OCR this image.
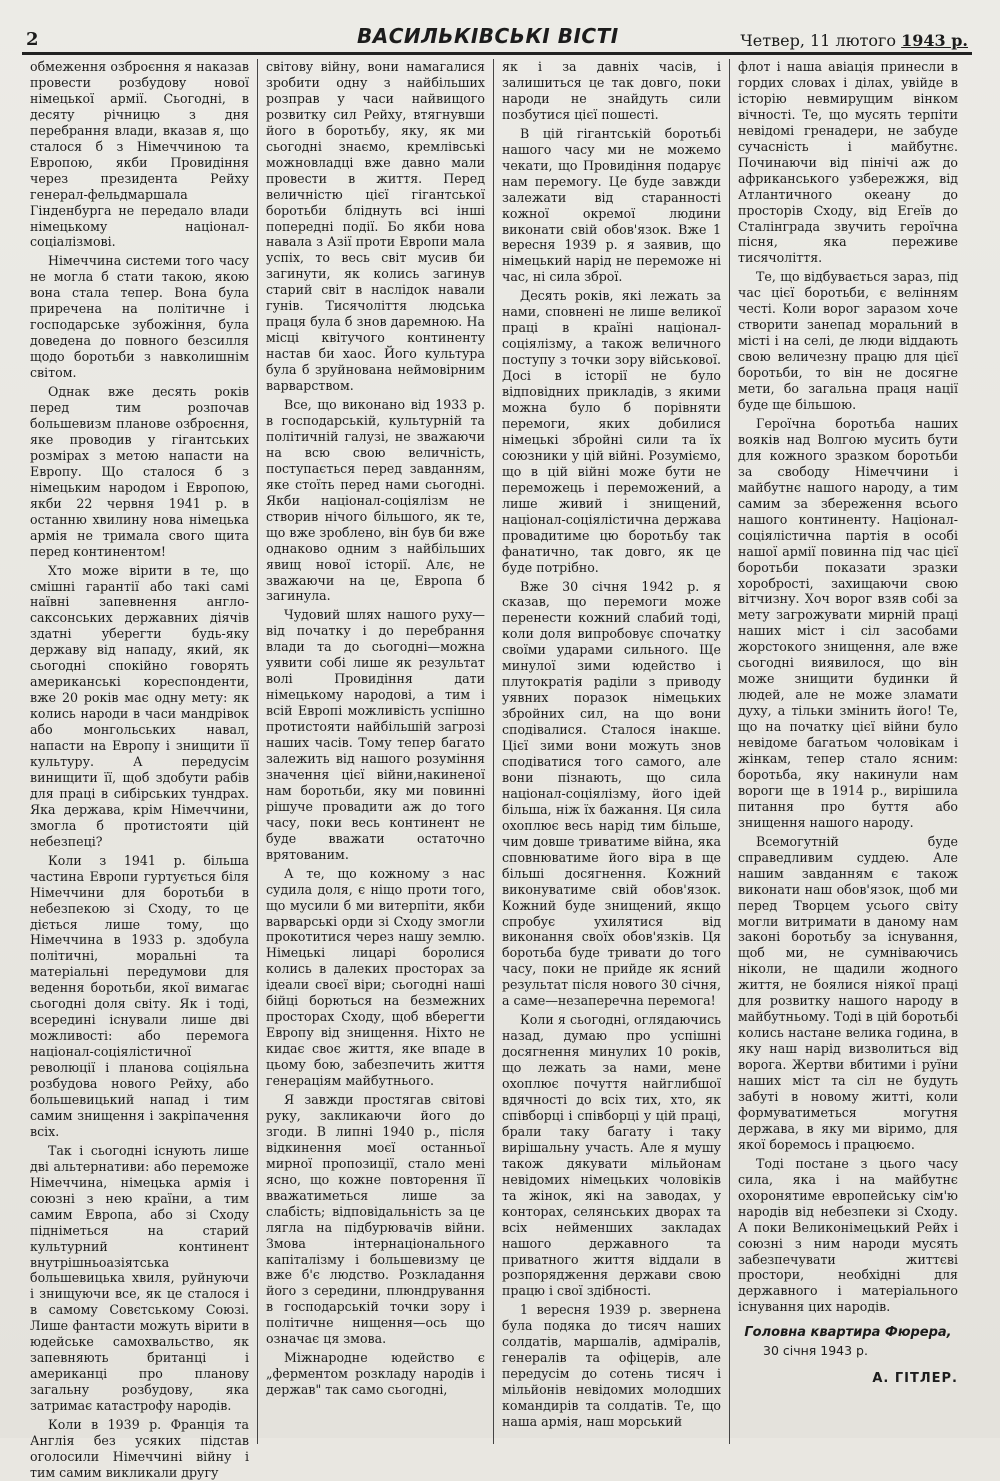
2	ВАСИЛЬКІВСЬКІ ВІСТІ	Четвер, 11 лютого 1943 р.

обмеження озброєння я наказав провести розбудову нової німецької армії. Сьогодні, в десяту річницю з дня перебрання влади, вказав я, що сталося б з Німеччиною та Европою, якби Провидіння через президента Рейху генерал-фельдмаршала Гінденбурга не передало влади німецькому націонал-соціалізмові.

Німеччина системи того часу не могла б стати такою, якою вона стала тепер. Вона була приречена на політичне і господарське зубожіння, була доведена до повного безсилля щодо боротьби з навколишнім світом.

Однак вже десять років перед тим розпочав большевизм планове озброєння, яке проводив у гігантських розмірах з метою напасти на Европу. Що сталося б з німецьким народом і Европою, якби 22 червня 1941 р. в останню хвилину нова німецька армія не тримала свого щита перед континентом!

Хто може вірити в те, що смішні гарантії або такі самі наївні запевнення англо-саксонських державних діячів здатні уберегти будь-яку державу від нападу, який, як сьогодні спокійно говорять американські кореспонденти, вже 20 років має одну мету: як колись народи в часи мандрівок або монгольських навал, напасти на Европу і знищити її культуру. А передусім винищити її, щоб здобути рабів для праці в сибірських тундрах. Яка держава, крім Німеччини, змогла б протистояти цій небезпеці?

Коли з 1941 р. більша частина Европи гуртується біля Німеччини для боротьби в небезпекою зі Сходу, то це діється лише тому, що Німеччина в 1933 р. здобула політичні, моральні та матеріальні передумови для ведення боротьби, якої вимагає сьогодні доля світу. Як і тоді, всередині існували лише дві можливості: або перемога націонал-соціялістичної революції і планова соціяльна розбудова нового Рейху, або большевицький напад і тим самим знищення і закріпачення всіх.

Так і сьогодні існують лише дві альтернативи: або переможе Німеччина, німецька армія і союзні з нею країни, а тим самим Европа, або зі Сходу підніметься на старий культурний континент внутрішньоазіятська большевицька хвиля, руйнуючи і знищуючи все, як це сталося і в самому Совєтському Союзі. Лише фантасти можуть вірити в юдейське самохвальство, як запевняють британці і американці про планову загальну розбудову, яка затримає катастрофу народів.

Коли в 1939 р. Франція та Англія без усяких підстав оголосили Німеччині війну і тим самим викликали другу

світову війну, вони намагалися зробити одну з найбільших розправ у часи найвищого розвитку сил Рейху, втягнувши його в боротьбу, яку, як ми сьогодні знаємо, кремлівські можновладці вже давно мали провести в життя. Перед величністю цієї гігантської боротьби бліднуть всі інші попередні події. Бо якби нова навала з Азії проти Европи мала успіх, то весь світ мусив би загинути, як колись загинув старий світ в наслідок навали гунів. Тисячоліття людська праця була б знов даремною. На місці квітучого континенту настав би хаос. Його культура була б зруйнована неймовірним варварством.

Все, що виконано від 1933 р. в господарській, культурній та політичній галузі, не зважаючи на всю свою величність, поступається перед завданням, яке стоїть перед нами сьогодні. Якби націонал-соціялізм не створив нічого більшого, як те, що вже зроблено, він був би вже однаково одним з найбільших явищ нової історії. Алє, не зважаючи на це, Европа б загинула.

Чудовий шлях нашого руху—від початку і до перебрання влади та до сьогодні—можна уявити собі лише як результат волі Провидіння дати німецькому народові, а тим і всій Европі можливість успішно протистояти найбільшій загрозі наших часів. Тому тепер багато залежить від нашого розуміння значення цієї війни,накиненої нам боротьби, яку ми повинні рішуче провадити аж до того часу, поки весь континент не буде вважати остаточно врятованим.

А те, що кожному з нас судила доля, є ніщо проти того, що мусили б ми витерпіти, якби варварські орди зі Сходу змогли прокотитися через нашу землю. Німецькі лицарі боролися колись в далеких просторах за ідеали своєї віри; сьогодні наші бійці борються на безмежних просторах Сходу, щоб вберегти Европу від знищення. Ніхто не кидає своє життя, яке впаде в цьому бою, забезпечить життя генераціям майбутнього.

Я завжди простягав світові руку, закликаючи його до згоди. В липні 1940 р., після відкинення моєї останньої мирної пропозиції, стало мені ясно, що кожне повторення її вважатиметься лише за слабість; відповідальність за це лягла на підбурювачів війни. Змова інтернаціонального капіталізму і большевизму це вже б'є людство. Розкладання його з середини, плюндрування в господарській точки зору і політичне нищення—ось що означає ця змова.

Міжнародне юдейство є „ферментом розкладу народів і держав" так само сьогодні,

як і за давніх часів, і залишиться це так довго, поки народи не знайдуть сили позбутися цієї пошесті.

В цій гігантській боротьбі нашого часу ми не можемо чекати, що Провидіння подарує нам перемогу. Це буде завжди залежати від старанності кожної окремої людини виконати свій обов'язок. Вже 1 вересня 1939 р. я заявив, що німецький нарід не переможе ні час, ні сила зброї.

Десять років, які лежать за нами, сповнені не лише великої праці в країні націонал-соціялізму, а також величного поступу з точки зору військової. Досі в історії не було відповідних прикладів, з якими можна було б порівняти перемоги, яких добилися німецькі збройні сили та їх союзники у цій війні. Розуміємо, що в цій війні може бути не переможець і переможений, а лише живий і знищений, націонал-соціялістична держава провадитиме цю боротьбу так фанатично, так довго, як це буде потрібно.

Вже 30 січня 1942 р. я сказав, що перемоги може перенести кожний слабий тоді, коли доля випробовує спочатку своїми ударами сильного. Ще минулої зими юдейство і плутократія раділи з приводу уявних поразок німецьких збройних сил, на що вони сподівалися. Сталося інакше. Цієї зими вони можуть знов сподіватися того самого, але вони пізнають, що сила націонал-соціялізму, його ідей більша, ніж їх бажання. Ця сила охоплює весь нарід тим більше, чим довше триватиме війна, яка сповнюватиме його віра в ще більші досягнення. Кожний виконуватиме свій обов'язок. Кожний буде знищений, якщо спробує ухилятися від виконання своїх обов'язків. Ця боротьба буде тривати до того часу, поки не прийде як ясний результат після нового 30 січня, а саме—незаперечна перемога!

Коли я сьогодні, оглядаючись назад, думаю про успішні досягнення минулих 10 років, що лежать за нами, мене охоплює почуття найглибшої вдячності до всіх тих, хто, як співборці і співборці у цій праці, брали таку багату і таку вирішальну участь. Але я мушу також дякувати мільйонам невідомих німецьких чоловіків та жінок, які на заводах, у конторах, селянських дворах та всіх нейменших закладах нашого державного та приватного життя віддали в розпорядження держави свою працю і свої здібності.

1 вересня 1939 р. звернена була подяка до тисяч наших солдатів, маршалів, адміралів, генералів та офіцерів, але передусім до сотень тисяч і мільйонів невідомих молодших командирів та солдатів. Те, що наша армія, наш морський

флот і наша авіація принесли в гордих словах і ділах, увійде в історію невмирущим вінком вічності. Те, що мусять терпіти невідомі гренадери, не забуде сучасність і майбутнє. Починаючи від пінічі аж до африканського узбережжя, від Атлантичного океану до просторів Сходу, від Егеїв до Сталінграда звучить героїчна пісня, яка переживе тисячоліття.

Те, що відбувається зараз, під час цієї боротьби, є велінням честі. Коли ворог заразом хоче створити занепад моральний в місті і на селі, де люди віддають свою величезну працю для цієї боротьби, то він не досягне мети, бо загальна праця нації буде ще більшою.

Героїчна боротьба наших вояків над Волгою мусить бути для кожного зразком боротьби за свободу Німеччини і майбутнє нашого народу, а тим самим за збереження всього нашого континенту. Націонал-соціялістична партія в особі нашої армії повинна під час цієї боротьби показати зразки хоробрості, захищаючи свою вітчизну. Хоч ворог взяв собі за мету загрожувати мирній праці наших міст і сіл засобами жорстокого знищення, але вже сьогодні виявилося, що він може знищити будинки й людей, але не може зламати духу, а тільки змінить його! Те, що на початку цієї війни було невідоме багатьом чоловікам і жінкам, тепер стало ясним: боротьба, яку накинули нам вороги ще в 1914 р., вирішила питання про буття або знищення нашого народу.

Всемогутній буде справедливим суддею. Але нашим завданням є також виконати наш обов'язок, щоб ми перед Творцем усього світу могли витримати в даному нам законі боротьбу за існування, щоб ми, не сумніваючись ніколи, не щадили жодного життя, не боялися ніякої праці для розвитку нашого народу в майбутньому. Тоді в цій боротьбі колись настане велика година, в яку наш нарід визволиться від ворога. Жертви вбитими і руїни наших міст та сіл не будуть забуті в новому житті, коли формуватиметься могутня держава, в яку ми віримо, для якої боремось і працюємо.

Тоді постане з цього часу сила, яка і на майбутнє охоронятиме европейську сім'ю народів від небезпеки зі Сходу. А поки Великонімецький Рейх і союзні з ним народи мусять забезпечувати життєві простори, необхідні для державного і матеріального існування цих народів.

Головна квартира Фюрера,
30 січня 1943 р.
А. ГІТЛЕР.
